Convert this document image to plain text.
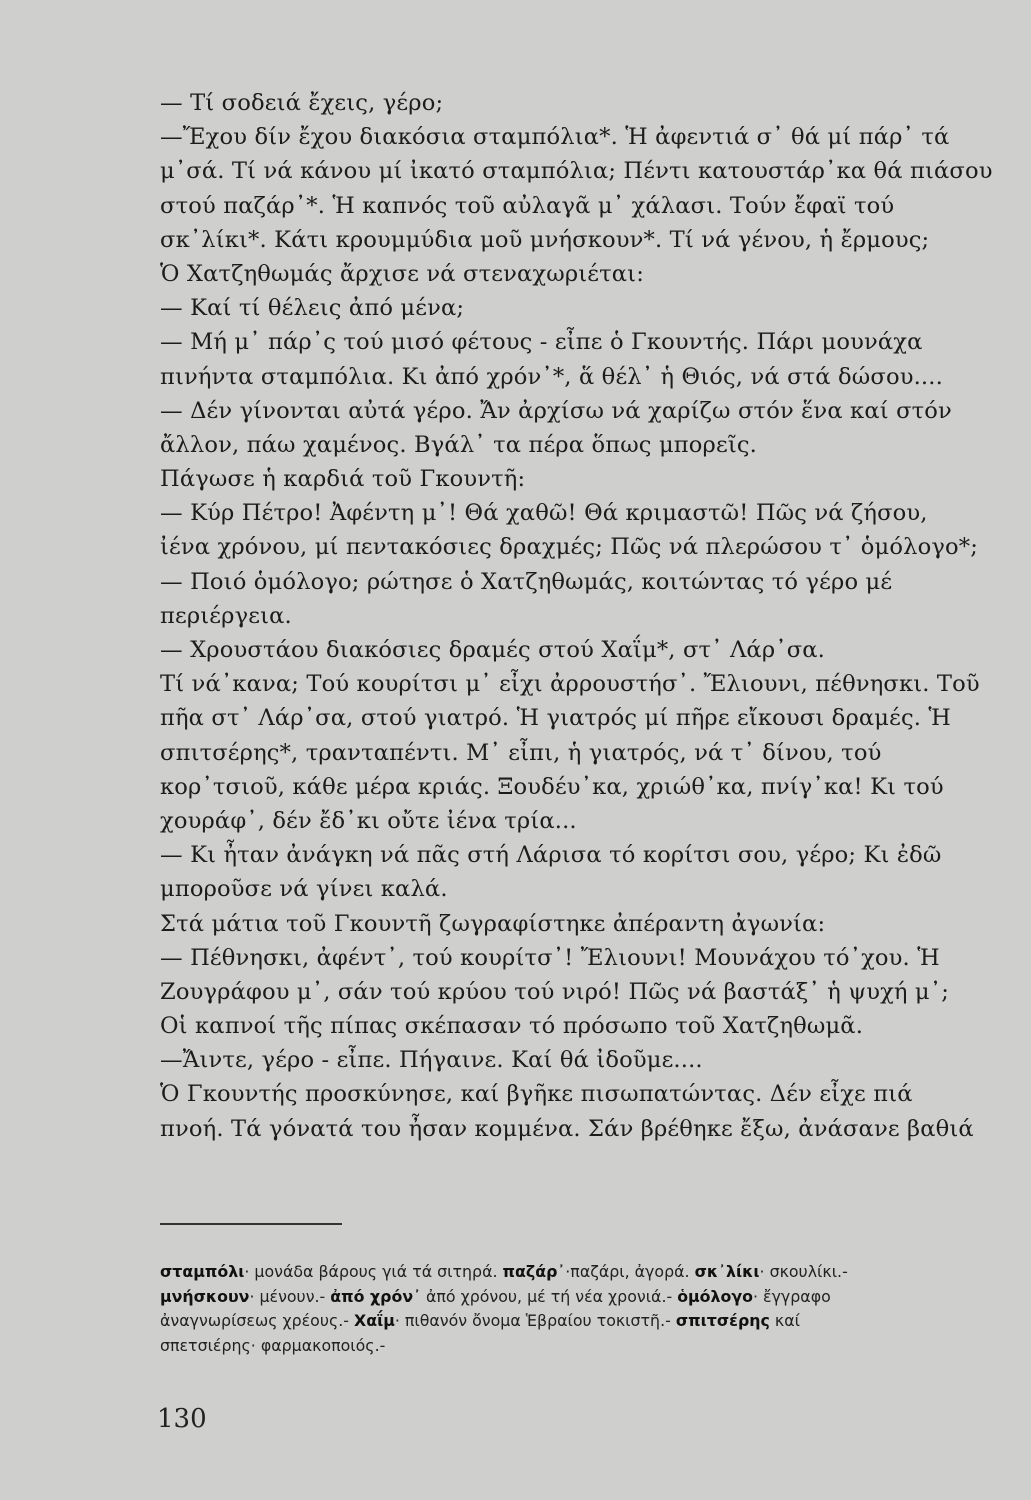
— Τί σοδειά ἔχεις, γέρο;
—Ἔχου δίν ἔχου διακόσια σταμπόλια*. Ἡ ἀφεντιά σ᾽ θά μί πάρ᾽ τά
μ᾽σά. Τί νά κάνου μί ἰκατό σταμπόλια; Πέντι κατουστάρ᾽κα θά πιάσου
στού παζάρ᾽*. Ἡ καπνός τοῦ αὐλαγᾶ μ᾽ χάλασι. Τούν ἔφαϊ τού
σκ᾽λίκι*. Κάτι κρουμμύδια μοῦ μνήσκουν*. Τί νά γένου, ἡ ἔρμους;
Ὁ Χατζηθωμάς ἄρχισε νά στεναχωριέται:
— Καί τί θέλεις ἀπό μένα;
— Μή μ᾽ πάρ᾽ς τού μισό φέτους - εἶπε ὁ Γκουντής. Πάρι μουνάχα
πινήντα σταμπόλια. Κι ἀπό χρόν᾽*, ἅ θέλ᾽ ἡ Θιός, νά στά δώσου....
— Δέν γίνονται αὐτά γέρο. Ἄν ἀρχίσω νά χαρίζω στόν ἕνα καί στόν
ἄλλον, πάω χαμένος. Βγάλ᾽ τα πέρα ὅπως μπορεῖς.
Πάγωσε ἡ καρδιά τοῦ Γκουντῆ:
— Κύρ Πέτρο! Ἀφέντη μ᾽! Θά χαθῶ! Θά κριμαστῶ! Πῶς νά ζήσου,
ἰένα χρόνου, μί πεντακόσιες δραχμές; Πῶς νά πλερώσου τ᾽ ὁμόλογο*;
— Ποιό ὁμόλογο; ρώτησε ὁ Χατζηθωμάς, κοιτώντας τό γέρο μέ
περιέργεια.
— Χρουστάου διακόσιες δραμές στού Χαΐμ*, στ᾽ Λάρ᾽σα.
Τί νά᾽κανα; Τού κουρίτσι μ᾽ εἶχι ἀρρουστήσ᾽. Ἔλιουνι, πέθνησκι. Τοῦ
πῆα στ᾽ Λάρ᾽σα, στού γιατρό. Ἡ γιατρός μί πῆρε εἴκουσι δραμές. Ἡ
σπιτσέρης*, τρανταπέντι. Μ᾽ εἶπι, ἡ γιατρός, νά τ᾽ δίνου, τού
κορ᾽τσιοῦ, κάθε μέρα κριάς. Ξουδέυ᾽κα, χριώθ᾽κα, πνίγ᾽κα! Κι τού
χουράφ᾽, δέν ἔδ᾽κι οὔτε ἰένα τρία...
— Κι ἦταν ἀνάγκη νά πᾶς στή Λάρισα τό κορίτσι σου, γέρο; Κι ἐδῶ
μποροῦσε νά γίνει καλά.
Στά μάτια τοῦ Γκουντῆ ζωγραφίστηκε ἀπέραντη ἀγωνία:
— Πέθνησκι, ἀφέντ᾽, τού κουρίτσ᾽! Ἔλιουνι! Μουνάχου τό᾽χου. Ἡ
Ζουγράφου μ᾽, σάν τού κρύου τού νιρό! Πῶς νά βαστάξ᾽ ἡ ψυχή μ᾽;
Οἱ καπνοί τῆς πίπας σκέπασαν τό πρόσωπο τοῦ Χατζηθωμᾶ.
—Ἄιντε, γέρο - εἶπε. Πήγαινε. Καί θά ἰδοῦμε....
Ὁ Γκουντής προσκύνησε, καί βγῆκε πισωπατώντας. Δέν εἶχε πιά
πνοή. Τά γόνατά του ἦσαν κομμένα. Σάν βρέθηκε ἔξω, ἀνάσανε βαθιά
σταμπόλι· μονάδα βάρους γιά τά σιτηρά. παζάρ᾽·παζάρι, ἀγορά. σκ᾽λίκι· σκουλίκι.-
μνήσκουν· μένουν.- ἀπό χρόν᾽ ἀπό χρόνου, μέ τή νέα χρονιά.- ὁμόλογο· ἔγγραφο
ἀναγνωρίσεως χρέους.- Χαΐμ· πιθανόν ὄνομα Ἑβραίου τοκιστῆ.- σπιτσέρης καί
σπετσιέρης· φαρμακοποιός.-
130
